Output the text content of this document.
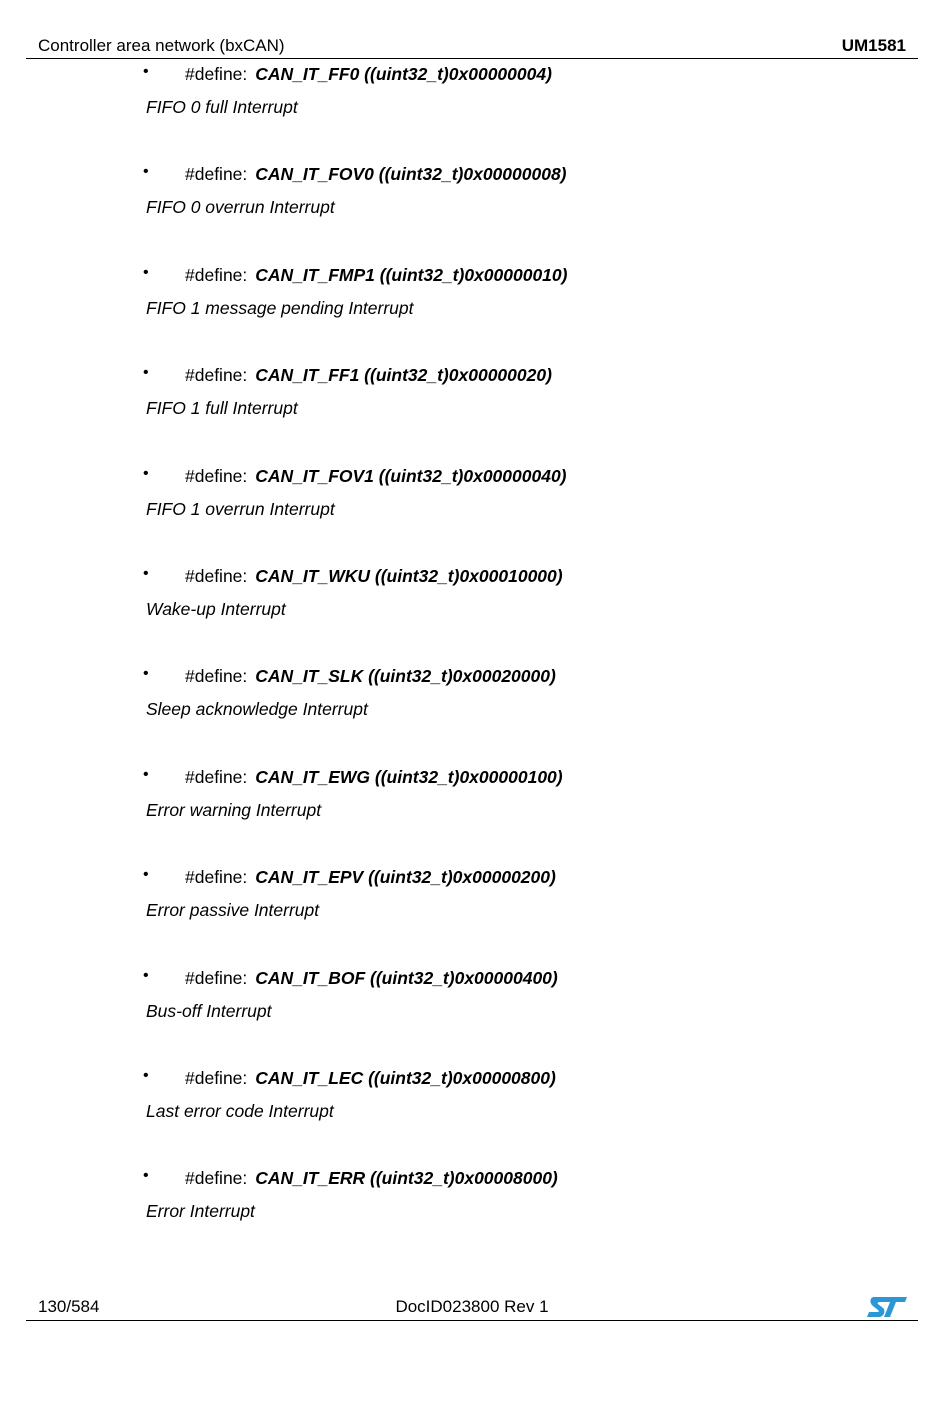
Controller area network (bxCAN)	UM1581
• #define: CAN_IT_FF0 ((uint32_t)0x00000004)
FIFO 0 full Interrupt
• #define: CAN_IT_FOV0 ((uint32_t)0x00000008)
FIFO 0 overrun Interrupt
• #define: CAN_IT_FMP1 ((uint32_t)0x00000010)
FIFO 1 message pending Interrupt
• #define: CAN_IT_FF1 ((uint32_t)0x00000020)
FIFO 1 full Interrupt
• #define: CAN_IT_FOV1 ((uint32_t)0x00000040)
FIFO 1 overrun Interrupt
• #define: CAN_IT_WKU ((uint32_t)0x00010000)
Wake-up Interrupt
• #define: CAN_IT_SLK ((uint32_t)0x00020000)
Sleep acknowledge Interrupt
• #define: CAN_IT_EWG ((uint32_t)0x00000100)
Error warning Interrupt
• #define: CAN_IT_EPV ((uint32_t)0x00000200)
Error passive Interrupt
• #define: CAN_IT_BOF ((uint32_t)0x00000400)
Bus-off Interrupt
• #define: CAN_IT_LEC ((uint32_t)0x00000800)
Last error code Interrupt
• #define: CAN_IT_ERR ((uint32_t)0x00008000)
Error Interrupt
130/584	DocID023800 Rev 1
